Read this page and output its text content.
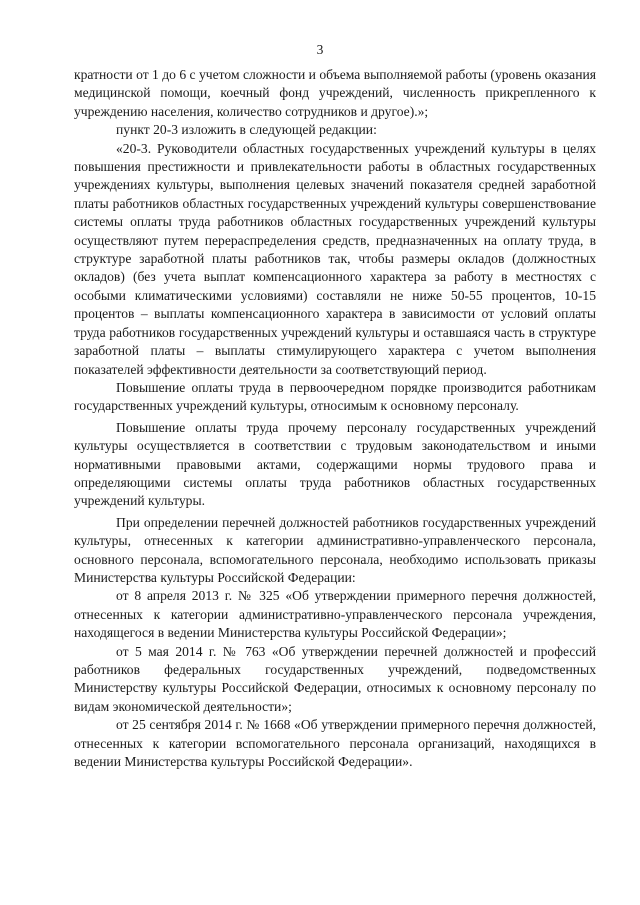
3

кратности от 1 до 6 с учетом сложности и объема выполняемой работы (уровень оказания медицинской помощи, коечный фонд учреждений, численность прикрепленного к учреждению населения, количество сотрудников и другое).»;

пункт 20-3 изложить в следующей редакции:

«20-3. Руководители областных государственных учреждений культуры в целях повышения престижности и привлекательности работы в областных государственных учреждениях культуры, выполнения целевых значений показателя средней заработной платы работников областных государственных учреждений культуры совершенствование системы оплаты труда работников областных государственных учреждений культуры осуществляют путем перераспределения средств, предназначенных на оплату труда, в структуре заработной платы работников так, чтобы размеры окладов (должностных окладов) (без учета выплат компенсационного характера за работу в местностях с особыми климатическими условиями) составляли не ниже 50-55 процентов, 10-15 процентов – выплаты компенсационного характера в зависимости от условий оплаты труда работников государственных учреждений культуры и оставшаяся часть в структуре заработной платы – выплаты стимулирующего характера с учетом выполнения показателей эффективности деятельности за соответствующий период.

Повышение оплаты труда в первоочередном порядке производится работникам государственных учреждений культуры, относимым к основному персоналу.

Повышение оплаты труда прочему персоналу государственных учреждений культуры осуществляется в соответствии с трудовым законодательством и иными нормативными правовыми актами, содержащими нормы трудового права и определяющими системы оплаты труда работников областных государственных учреждений культуры.

При определении перечней должностей работников государственных учреждений культуры, отнесенных к категории административно-управленческого персонала, основного персонала, вспомогательного персонала, необходимо использовать приказы Министерства культуры Российской Федерации:

от 8 апреля 2013 г. № 325 «Об утверждении примерного перечня должностей, отнесенных к категории административно-управленческого персонала учреждения, находящегося в ведении Министерства культуры Российской Федерации»;

от 5 мая 2014 г. № 763 «Об утверждении перечней должностей и профессий работников федеральных государственных учреждений, подведомственных Министерству культуры Российской Федерации, относимых к основному персоналу по видам экономической деятельности»;

от 25 сентября 2014 г. № 1668 «Об утверждении примерного перечня должностей, отнесенных к категории вспомогательного персонала организаций, находящихся в ведении Министерства культуры Российской Федерации».
